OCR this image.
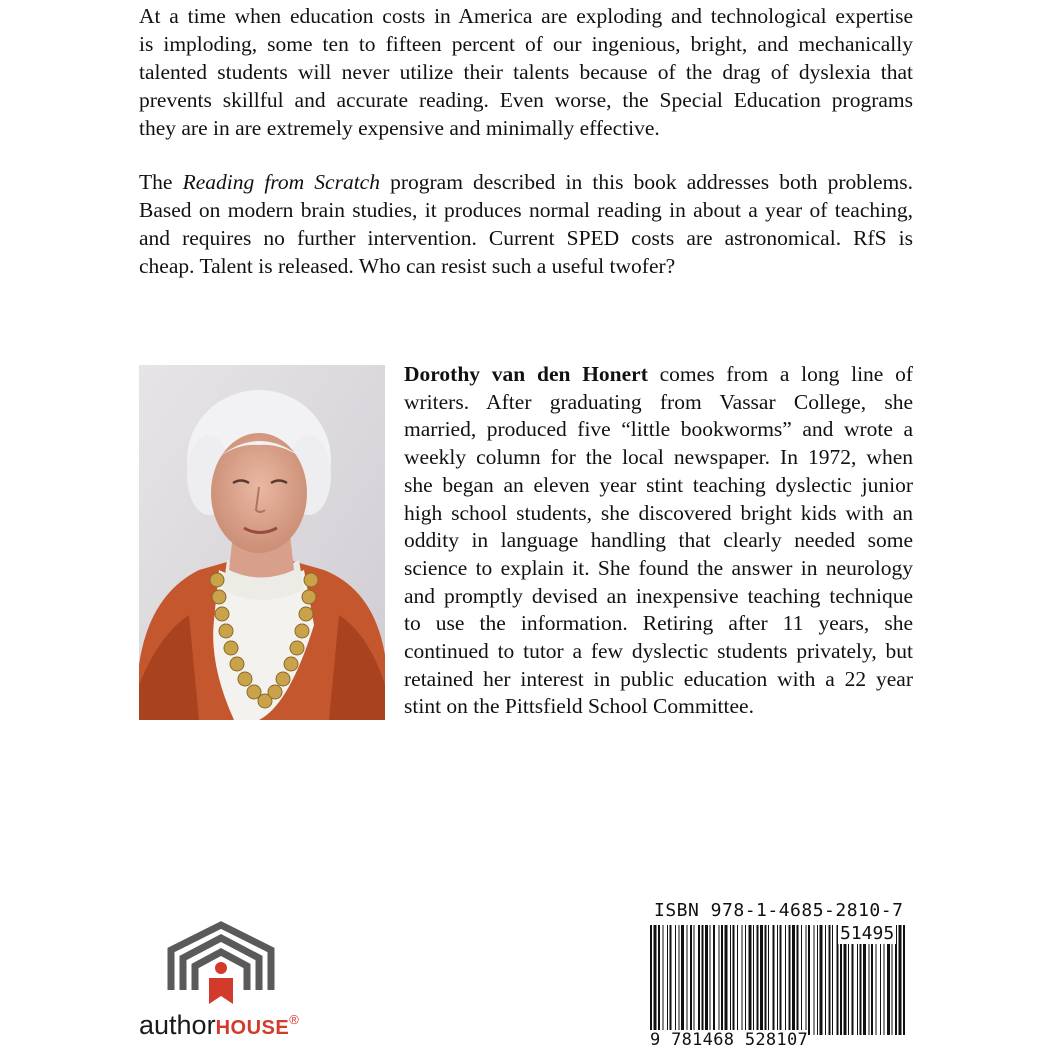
At a time when education costs in America are exploding and technological expertise
is imploding, some ten to fifteen percent of our ingenious, bright, and mechanically
talented students will never utilize their talents because of the drag of dyslexia that
prevents skillful and accurate reading. Even worse, the Special Education programs
they are in are extremely expensive and minimally effective.
The Reading from Scratch program described in this book addresses both problems.
Based on modern brain studies, it produces normal reading in about a year of teaching,
and requires no further intervention. Current SPED costs are astronomical. RfS is
cheap. Talent is released. Who can resist such a useful twofer?
Dorothy van den Honert comes from a long line of
writers. After graduating from Vassar College, she
married, produced five “little bookworms” and wrote a
weekly column for the local newspaper. In 1972, when
she began an eleven year stint teaching dyslectic junior
high school students, she discovered bright kids with an
oddity in language handling that clearly needed some
science to explain it. She found the answer in neurology
and promptly devised an inexpensive teaching technique
to use the information. Retiring after 11 years, she
continued to tutor a few dyslectic students privately, but
retained her interest in public education with a 22 year
stint on the Pittsfield School Committee.
authorHOUSE®
ISBN 978-1-4685-2810-7
51495
9 781468 528107
